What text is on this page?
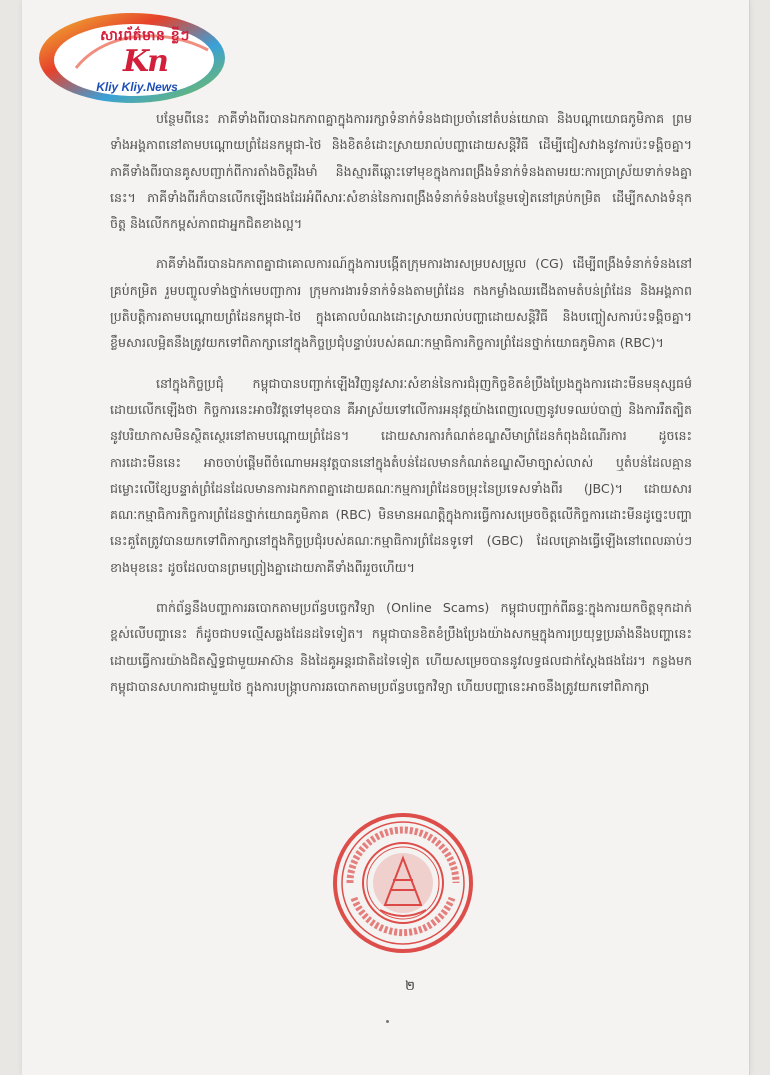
សារព័ត៌មាន ខ្លីៗ
Kn
Kliy Kliy.News

បន្ថែមពីនេះ ភាគីទាំងពីរបានឯកភាពគ្នាក្នុងការរក្សាទំនាក់ទំនងជាប្រចាំនៅតំបន់យោធា និងបណ្តាយោធភូមិភាគ ព្រមទាំងអង្គភាពនៅតាមបណ្តោយព្រំដែនកម្ពុជា-ថៃ និងខិតខំដោះស្រាយរាល់បញ្ហាដោយសន្តិវិធី ដើម្បីជៀសវាងនូវការប៉ះទង្គិចគ្នា។ ភាគីទាំងពីរបានគូសបញ្ជាក់ពីការតាំងចិត្តរឹងមាំ និងស្មារតីឆ្ពោះទៅមុខក្នុងការពង្រឹងទំនាក់ទំនងតាមរយៈការប្រាស្រ័យទាក់ទងគ្នានេះ។ ភាគីទាំងពីរក៏បានលើកឡើងផងដែរអំពីសារៈសំខាន់នៃការពង្រឹងទំនាក់ទំនងបន្ថែមទៀតនៅគ្រប់កម្រិត ដើម្បីកសាងទំនុកចិត្ត និងលើកកម្ពស់ភាពជាអ្នកជិតខាងល្អ។

ភាគីទាំងពីរបានឯកភាពគ្នាជាគោលការណ៍ក្នុងការបង្កើតក្រុមការងារសម្របសម្រួល (CG) ដើម្បីពង្រឹងទំនាក់ទំនងនៅគ្រប់កម្រិត រួមបញ្ចូលទាំងថ្នាក់មេបញ្ជាការ ក្រុមការងារទំនាក់ទំនងតាមព្រំដែន កងកម្លាំងឈរជើងតាមតំបន់ព្រំដែន និងអង្គភាពប្រតិបត្តិការតាមបណ្តោយព្រំដែនកម្ពុជា-ថៃ ក្នុងគោលបំណងដោះស្រាយរាល់បញ្ហាដោយសន្តិវិធី និងបញ្ចៀសការប៉ះទង្គិចគ្នា។ ខ្លឹមសារលម្អិតនឹងត្រូវយកទៅពិភាក្សានៅក្នុងកិច្ចប្រជុំបន្ទាប់របស់គណៈកម្មាធិការកិច្ចការព្រំដែនថ្នាក់យោធភូមិភាគ (RBC)។

នៅក្នុងកិច្ចប្រជុំ កម្ពុជាបានបញ្ជាក់ឡើងវិញនូវសារៈសំខាន់នៃការជំរុញកិច្ចខិតខំប្រឹងប្រែងក្នុងការដោះមីនមនុស្សធម៌ ដោយលើកឡើងថា កិច្ចការនេះអាចវិវត្តទៅមុខបាន គឺអាស្រ័យទៅលើការអនុវត្តយ៉ាងពេញលេញនូវបទឈប់បាញ់ និងការរឹតត្បិតនូវបរិយាកាសមិនស្ថិតស្ថេរនៅតាមបណ្តោយព្រំដែន។ ដោយសារការកំណត់ខណ្ឌសីមាព្រំដែនកំពុងដំណើរការ ដូចនេះ ការដោះមីននេះ អាចចាប់ផ្តើមពីចំណោមអនុវត្តបាននៅក្នុងតំបន់ដែលមានកំណត់ខណ្ឌសីមាច្បាស់លាស់ ឬតំបន់ដែលគ្មានជម្លោះលើខ្សែបន្ទាត់ព្រំដែនដែលមានការឯកភាពគ្នាដោយគណៈកម្មការព្រំដែនចម្រុះនៃប្រទេសទាំងពីរ (JBC)។ ដោយសារគណៈកម្មាធិការកិច្ចការព្រំដែនថ្នាក់យោធភូមិភាគ (RBC) មិនមានអណត្តិក្នុងការធ្វើការសម្រេចចិត្តលើកិច្ចការដោះមីនដូច្នេះបញ្ហានេះគួតែត្រូវបានយកទៅពិភាក្សានៅក្នុងកិច្ចប្រជុំរបស់គណៈកម្មាធិការព្រំដែនទូទៅ (GBC) ដែលគ្រោងធ្វើឡើងនៅពេលឆាប់ៗខាងមុខនេះ ដូចដែលបានព្រមព្រៀងគ្នាដោយភាគីទាំងពីររួចហើយ។

ពាក់ព័ន្ធនឹងបញ្ហាការឆបោកតាមប្រព័ន្ធបច្ចេកវិទ្យា (Online Scams) កម្ពុជាបញ្ជាក់ពីឆន្ទៈក្នុងការយកចិត្តទុកដាក់ខ្ពស់លើបញ្ហានេះ ក៏ដូចជាបទល្មើសឆ្លងដែនដទៃទៀត។ កម្ពុជាបានខិតខំប្រឹងប្រែងយ៉ាងសកម្មក្នុងការប្រយុទ្ធប្រឆាំងនឹងបញ្ហានេះ ដោយធ្វើការយ៉ាងជិតស្និទ្ធជាមួយអាស៊ាន និងដៃគូអន្តរជាតិដទៃទៀត ហើយសម្រេចបាននូវលទ្ធផលជាក់ស្តែងផងដែរ។ កន្លងមក កម្ពុជាបានសហការជាមួយថៃ ក្នុងការបង្ក្រាបការឆបោកតាមប្រព័ន្ធបច្ចេកវិទ្យា ហើយបញ្ហានេះអាចនឹងត្រូវយកទៅពិភាក្សា

២
